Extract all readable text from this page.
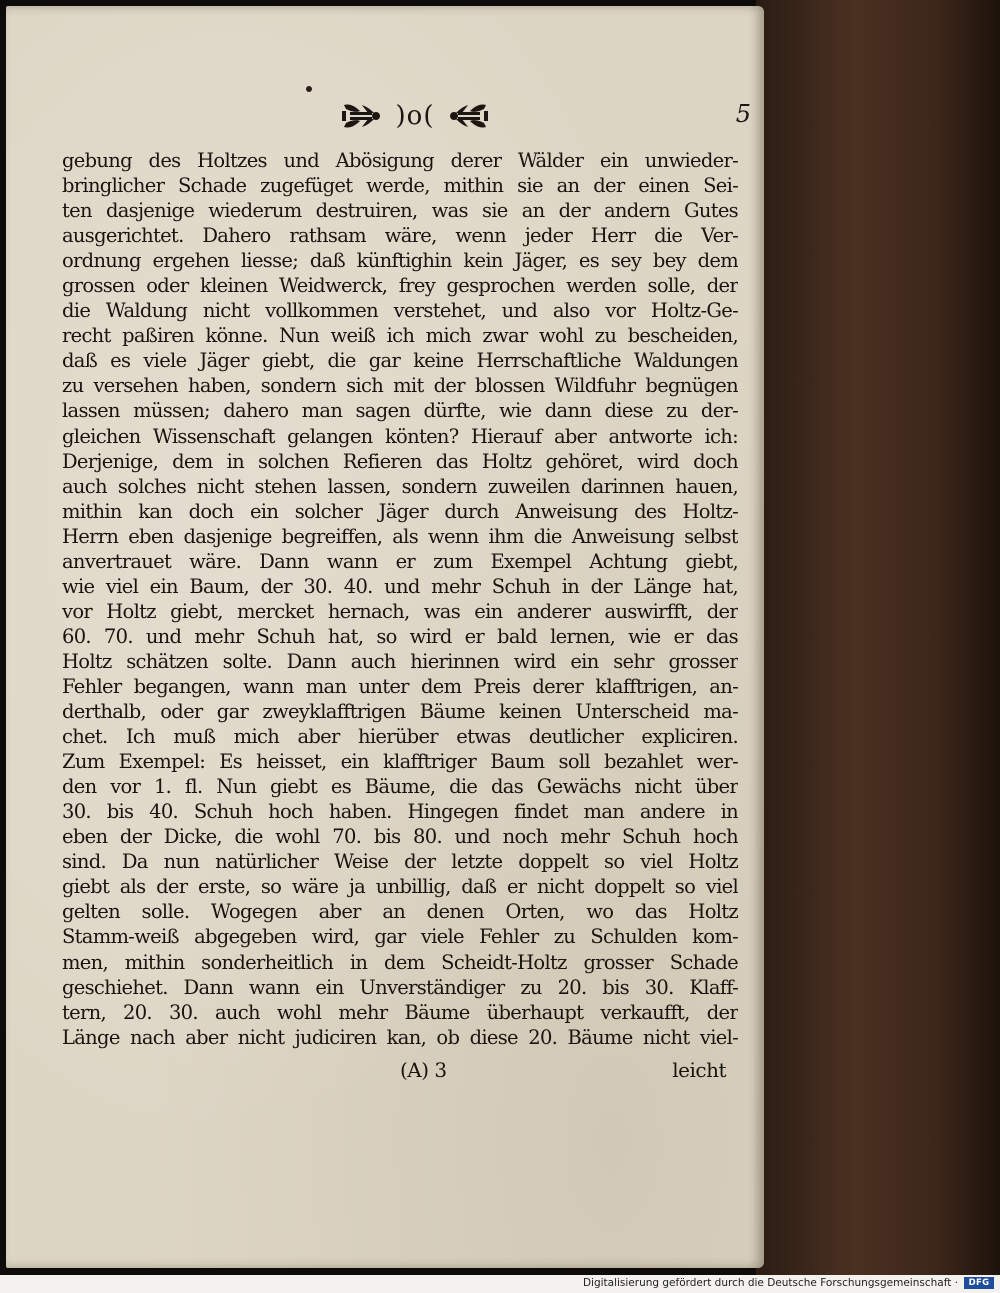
)o(	5
gebung des Holtzes und Abösigung derer Wälder ein unwieder-
bringlicher Schade zugefüget werde, mithin sie an der einen Sei-
ten dasjenige wiederum destruiren, was sie an der andern Gutes
ausgerichtet. Dahero rathsam wäre, wenn jeder Herr die Ver-
ordnung ergehen liesse; daß künftighin kein Jäger, es sey bey dem
grossen oder kleinen Weidwerck, frey gesprochen werden solle, der
die Waldung nicht vollkommen verstehet, und also vor Holtz-Ge-
recht paßiren könne. Nun weiß ich mich zwar wohl zu bescheiden,
daß es viele Jäger giebt, die gar keine Herrschaftliche Waldungen
zu versehen haben, sondern sich mit der blossen Wildfuhr begnügen
lassen müssen; dahero man sagen dürfte, wie dann diese zu der-
gleichen Wissenschaft gelangen könten? Hierauf aber antworte ich:
Derjenige, dem in solchen Refieren das Holtz gehöret, wird doch
auch solches nicht stehen lassen, sondern zuweilen darinnen hauen,
mithin kan doch ein solcher Jäger durch Anweisung des Holtz-
Herrn eben dasjenige begreiffen, als wenn ihm die Anweisung selbst
anvertrauet wäre. Dann wann er zum Exempel Achtung giebt,
wie viel ein Baum, der 30. 40. und mehr Schuh in der Länge hat,
vor Holtz giebt, mercket hernach, was ein anderer auswirfft, der
60. 70. und mehr Schuh hat, so wird er bald lernen, wie er das
Holtz schätzen solte. Dann auch hierinnen wird ein sehr grosser
Fehler begangen, wann man unter dem Preis derer klafftrigen, an-
derthalb, oder gar zweyklafftrigen Bäume keinen Unterscheid ma-
chet. Ich muß mich aber hierüber etwas deutlicher expliciren.
Zum Exempel: Es heisset, ein klafftriger Baum soll bezahlet wer-
den vor 1. fl. Nun giebt es Bäume, die das Gewächs nicht über
30. bis 40. Schuh hoch haben. Hingegen findet man andere in
eben der Dicke, die wohl 70. bis 80. und noch mehr Schuh hoch
sind. Da nun natürlicher Weise der letzte doppelt so viel Holtz
giebt als der erste, so wäre ja unbillig, daß er nicht doppelt so viel
gelten solle. Wogegen aber an denen Orten, wo das Holtz
Stamm-weiß abgegeben wird, gar viele Fehler zu Schulden kom-
men, mithin sonderheitlich in dem Scheidt-Holtz grosser Schade
geschiehet. Dann wann ein Unverständiger zu 20. bis 30. Klaff-
tern, 20. 30. auch wohl mehr Bäume überhaupt verkaufft, der
Länge nach aber nicht judiciren kan, ob diese 20. Bäume nicht viel-
(A) 3	leicht
Digitalisierung gefördert durch die Deutsche Forschungsgemeinschaft ·	DFG
